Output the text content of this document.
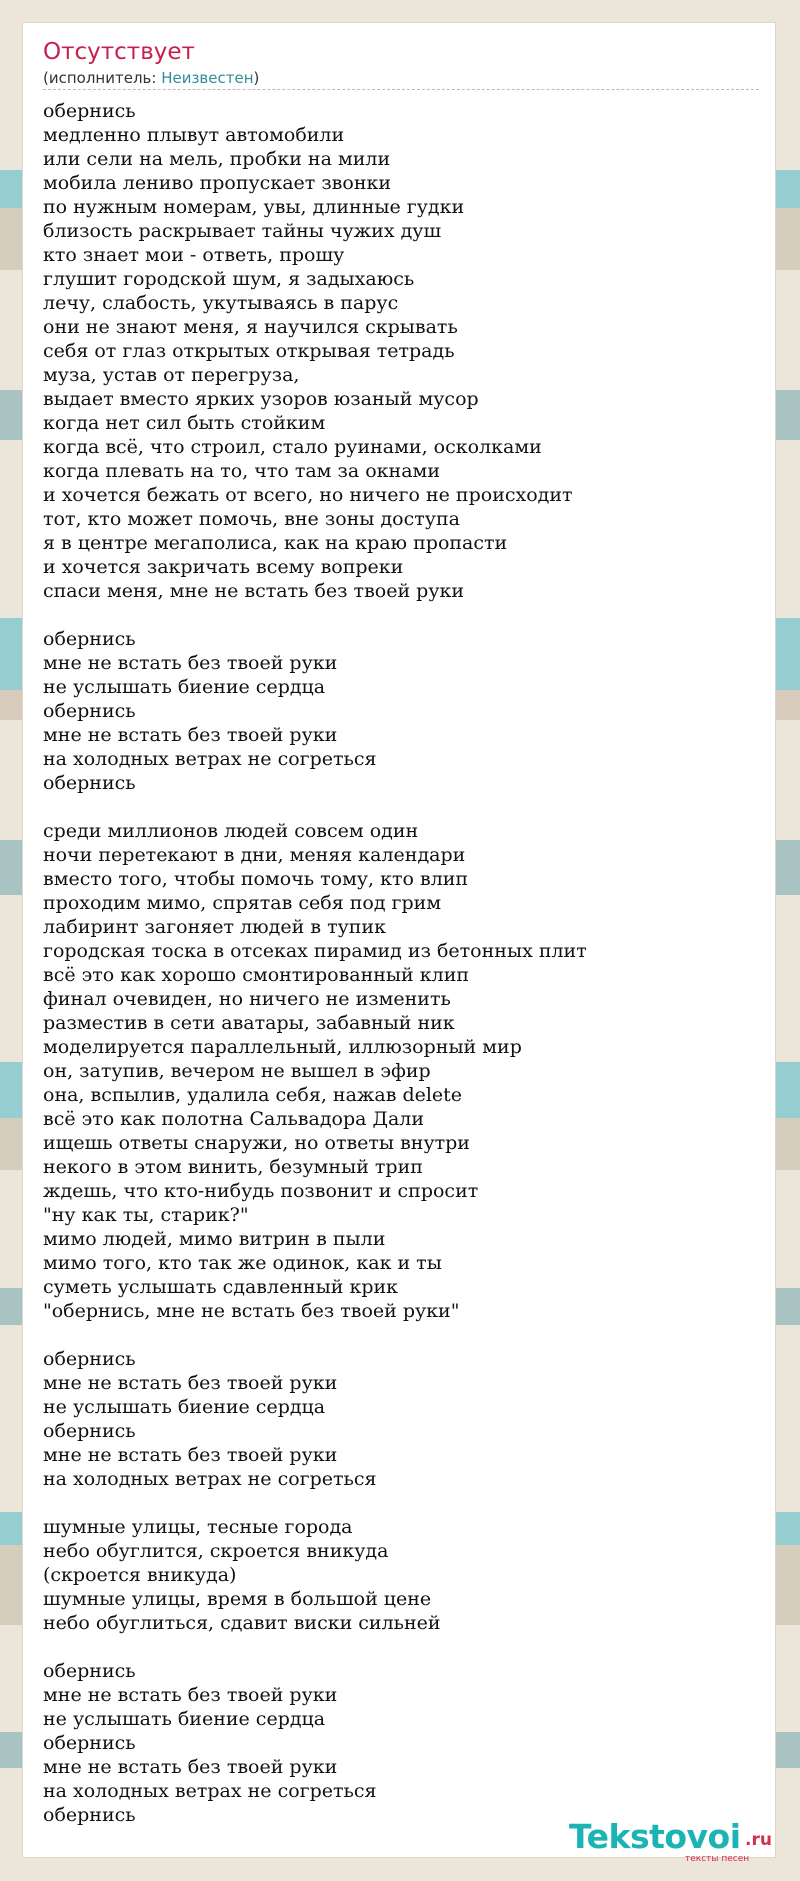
Отсутствует
(исполнитель: Неизвестен)
обернись
медленно плывут автомобили
или сели на мель, пробки на мили
мобила лениво пропускает звонки
по нужным номерам, увы, длинные гудки
близость раскрывает тайны чужих душ
кто знает мои - ответь, прошу
глушит городской шум, я задыхаюсь
лечу, слабость, укутываясь в парус
они не знают меня, я научился скрывать
себя от глаз открытых открывая тетрадь
муза, устав от перегруза,
выдает вместо ярких узоров юзаный мусор
когда нет сил быть стойким
когда всё, что строил, стало руинами, осколками
когда плевать на то, что там за окнами
и хочется бежать от всего, но ничего не происходит
тот, кто может помочь, вне зоны доступа
я в центре мегаполиса, как на краю пропасти
и хочется закричать всему вопреки
спаси меня, мне не встать без твоей руки
обернись
мне не встать без твоей руки
не услышать биение сердца
обернись
мне не встать без твоей руки
на холодных ветрах не согреться
обернись
среди миллионов людей совсем один
ночи перетекают в дни, меняя календари
вместо того, чтобы помочь тому, кто влип
проходим мимо, спрятав себя под грим
лабиринт загоняет людей в тупик
городская тоска в отсеках пирамид из бетонных плит
всё это как хорошо смонтированный клип
финал очевиден, но ничего не изменить
разместив в сети аватары, забавный ник
моделируется параллельный, иллюзорный мир
он, затупив, вечером не вышел в эфир
она, вспылив, удалила себя, нажав delete
всё это как полотна Сальвадора Дали
ищешь ответы снаружи, но ответы внутри
некого в этом винить, безумный трип
ждешь, что кто-нибудь позвонит и спросит
"ну как ты, старик?"
мимо людей, мимо витрин в пыли
мимо того, кто так же одинок, как и ты
суметь услышать сдавленный крик
"обернись, мне не встать без твоей руки"
обернись
мне не встать без твоей руки
не услышать биение сердца
обернись
мне не встать без твоей руки
на холодных ветрах не согреться
шумные улицы, тесные города
небо обуглится, скроется вникуда
(скроется вникуда)
шумные улицы, время в большой цене
небо обуглиться, сдавит виски сильней
обернись
мне не встать без твоей руки
не услышать биение сердца
обернись
мне не встать без твоей руки
на холодных ветрах не согреться
обернись
Tekstovoi .ru
тексты песен
